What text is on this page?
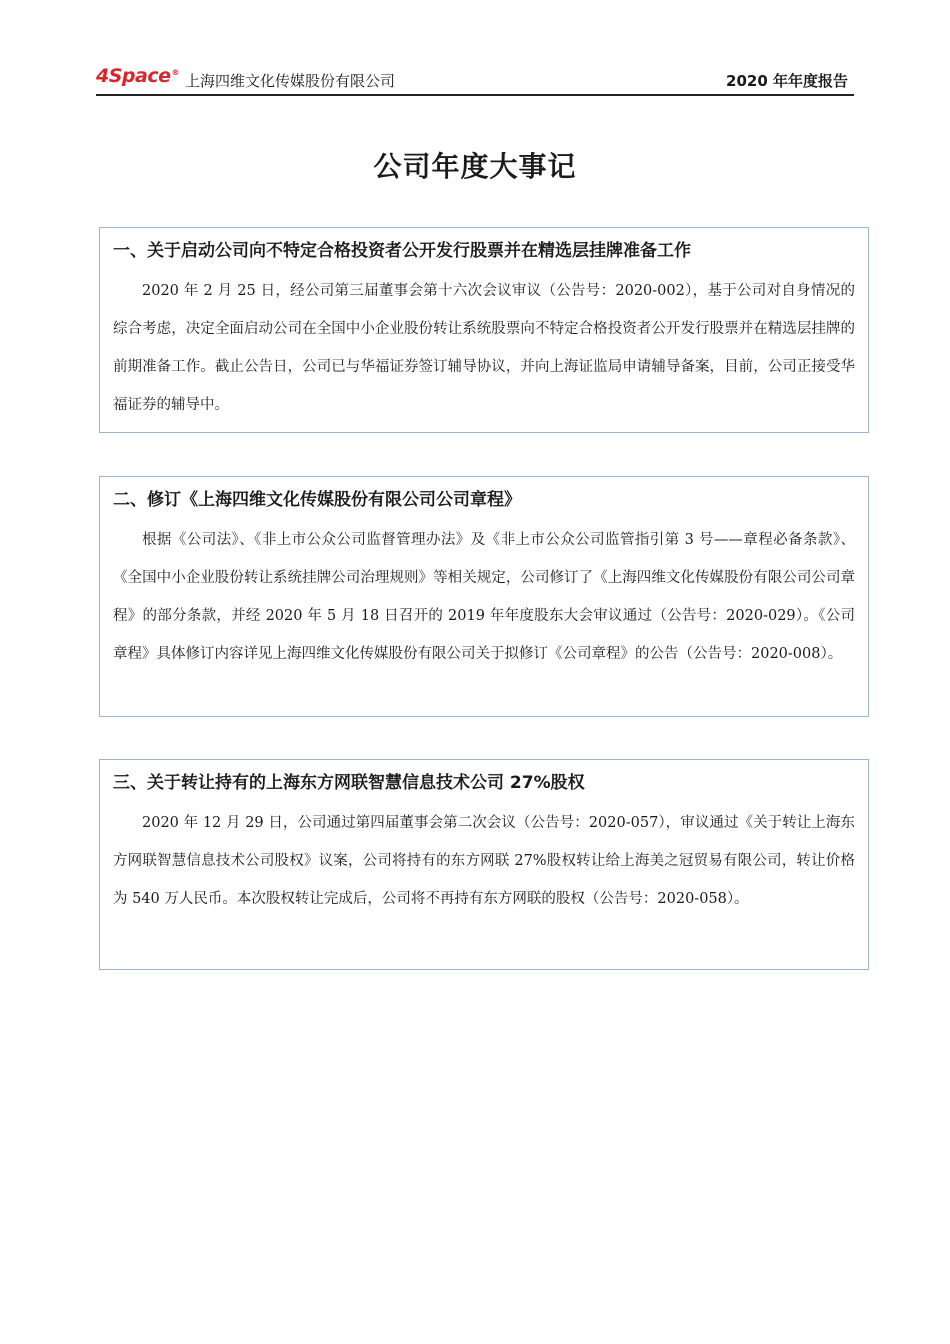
4Space® 上海四维文化传媒股份有限公司	2020 年年度报告
公司年度大事记
一、关于启动公司向不特定合格投资者公开发行股票并在精选层挂牌准备工作

2020 年 2 月 25 日，经公司第三届董事会第十六次会议审议（公告号：2020-002），基于公司对自身情况的综合考虑，决定全面启动公司在全国中小企业股份转让系统股票向不特定合格投资者公开发行股票并在精选层挂牌的前期准备工作。截止公告日，公司已与华福证券签订辅导协议，并向上海证监局申请辅导备案，目前，公司正接受华福证券的辅导中。

二、修订《上海四维文化传媒股份有限公司公司章程》

根据《公司法》、《非上市公众公司监督管理办法》及《非上市公众公司监管指引第 3 号——章程必备条款》、《全国中小企业股份转让系统挂牌公司治理规则》等相关规定，公司修订了《上海四维文化传媒股份有限公司公司章程》的部分条款，并经 2020 年 5 月 18 日召开的 2019 年年度股东大会审议通过（公告号：2020-029）。《公司章程》具体修订内容详见上海四维文化传媒股份有限公司关于拟修订《公司章程》的公告（公告号：2020-008）。

三、关于转让持有的上海东方网联智慧信息技术公司 27%股权

2020 年 12 月 29 日，公司通过第四届董事会第二次会议（公告号：2020-057），审议通过《关于转让上海东方网联智慧信息技术公司股权》议案，公司将持有的东方网联 27%股权转让给上海美之冠贸易有限公司，转让价格为 540 万人民币。本次股权转让完成后，公司将不再持有东方网联的股权（公告号：2020-058）。
